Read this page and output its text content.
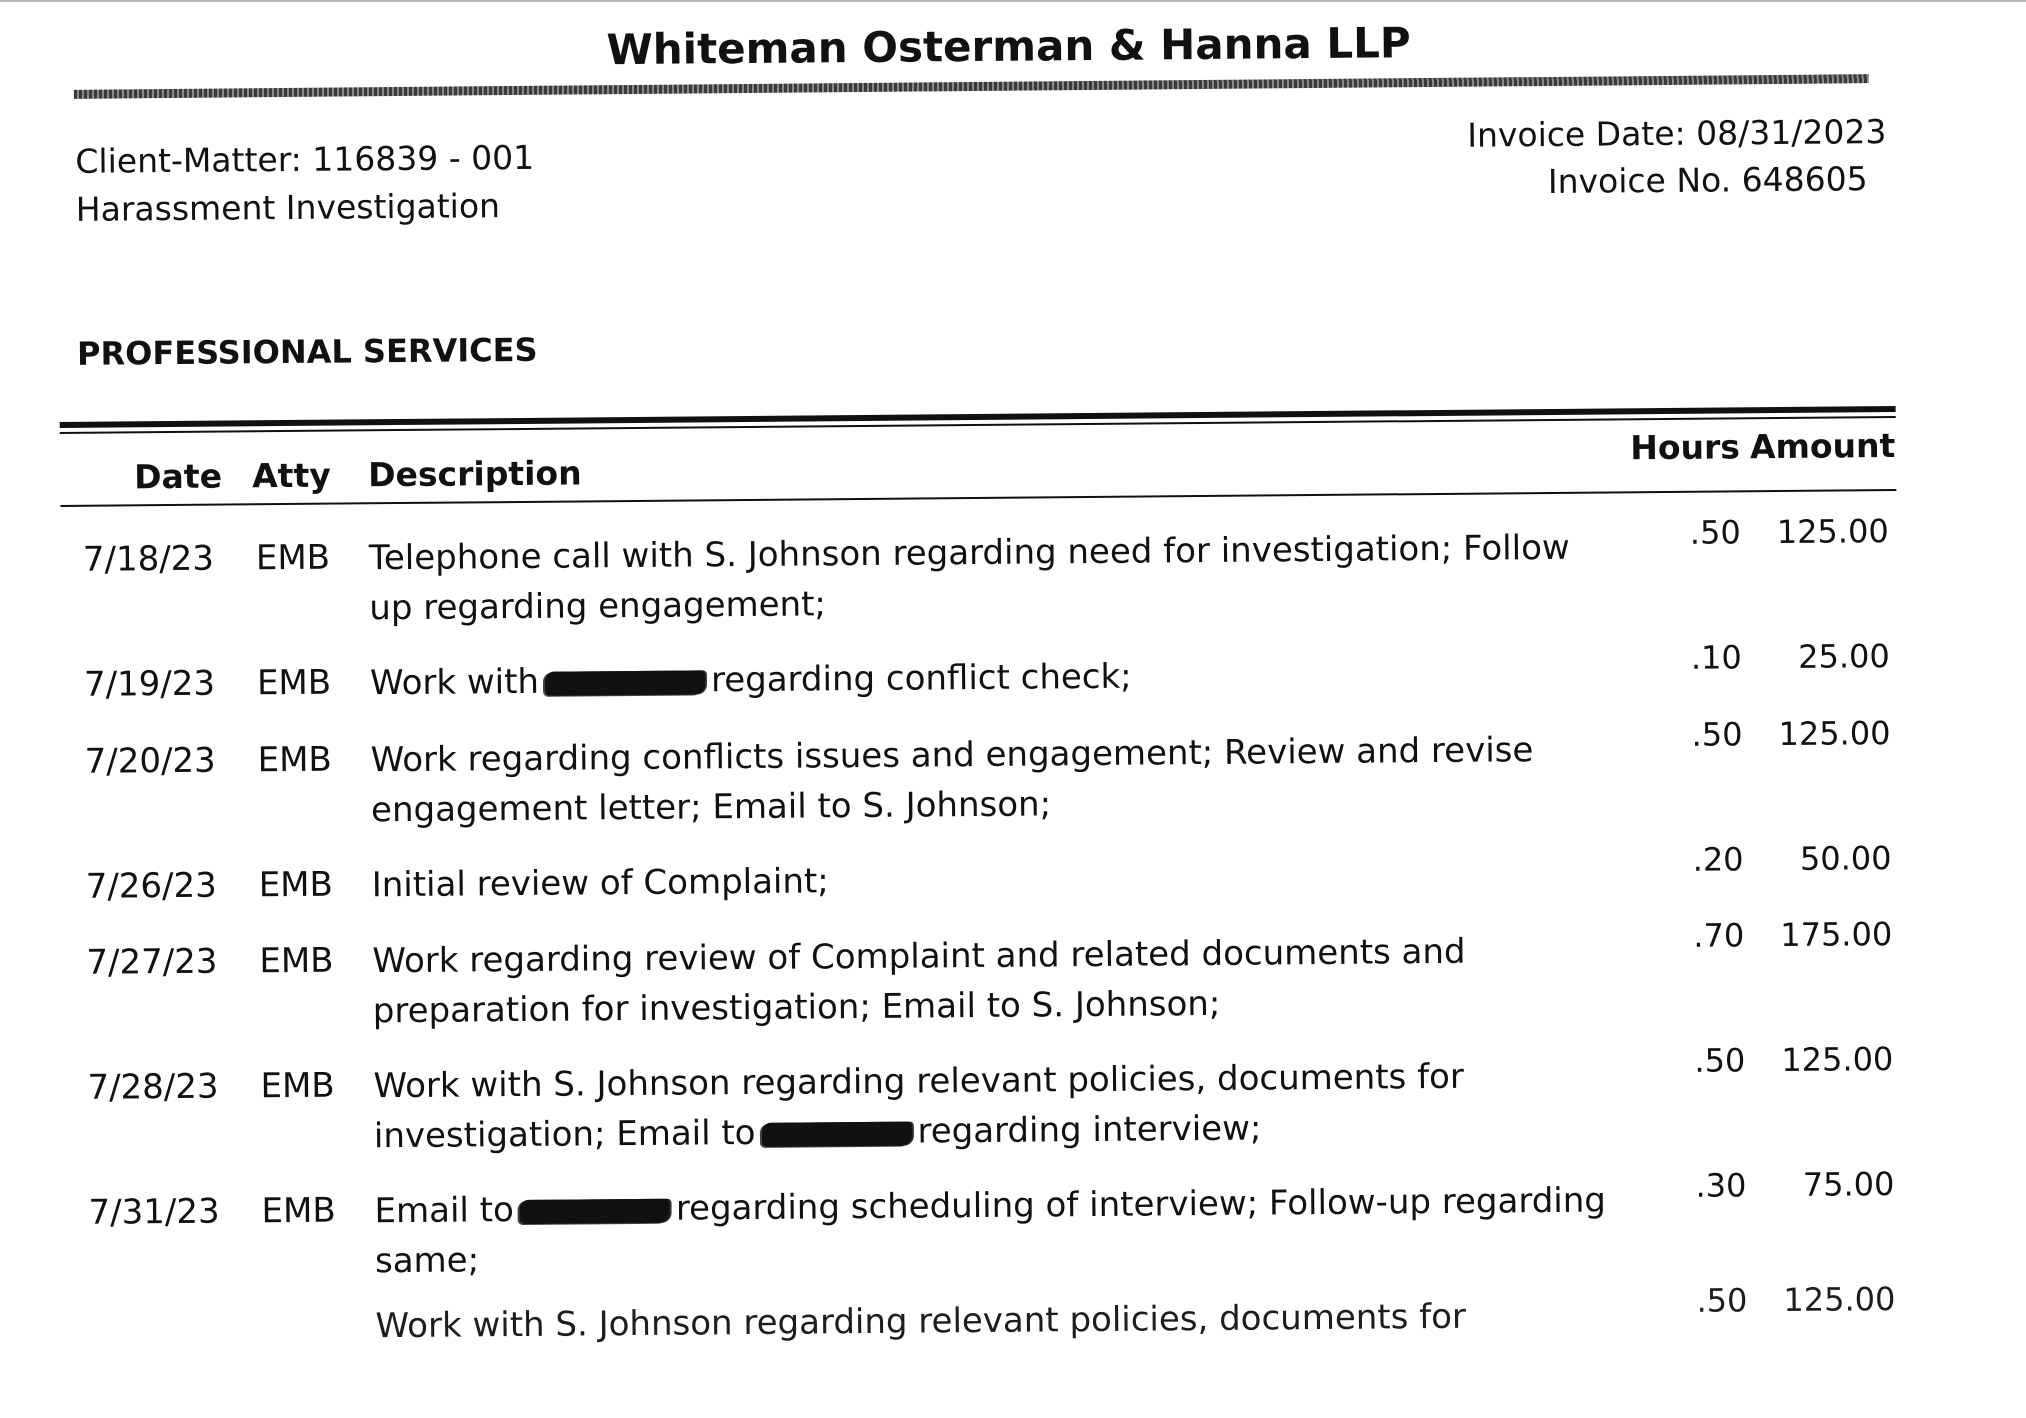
Whiteman Osterman & Hanna LLP
Client-Matter: 116839 - 001
Harassment Investigation
Invoice Date: 08/31/2023
Invoice No. 648605
PROFESSIONAL SERVICES
Date Atty Description
Hours Amount
7/18/23	EMB Telephone call with S. Johnson regarding need for investigation; Follow
up regarding engagement;
.50	125.00
7/19/23	EMB Work with	regarding conflict check;	.10	25.00
7/20/23	EMB Work regarding conflicts issues and engagement; Review and revise
engagement letter; Email to S. Johnson;
.50	125.00
7/26/23	EMB Initial review of Complaint;
.20	50.00
7/27/23	EMB Work regarding review of Complaint and related documents and
preparation for investigation; Email to S. Johnson;
.70	175.00
7/28/23	EMB Work with S. Johnson regarding relevant policies, documents for
investigation; Email to	regarding interview;
.50	125.00
7/31/23	EMB Email to	regarding scheduling of interview; Follow-up regarding
same;
.30	75.00
Work with S. Johnson regarding relevant policies, documents for	.50	125.00
